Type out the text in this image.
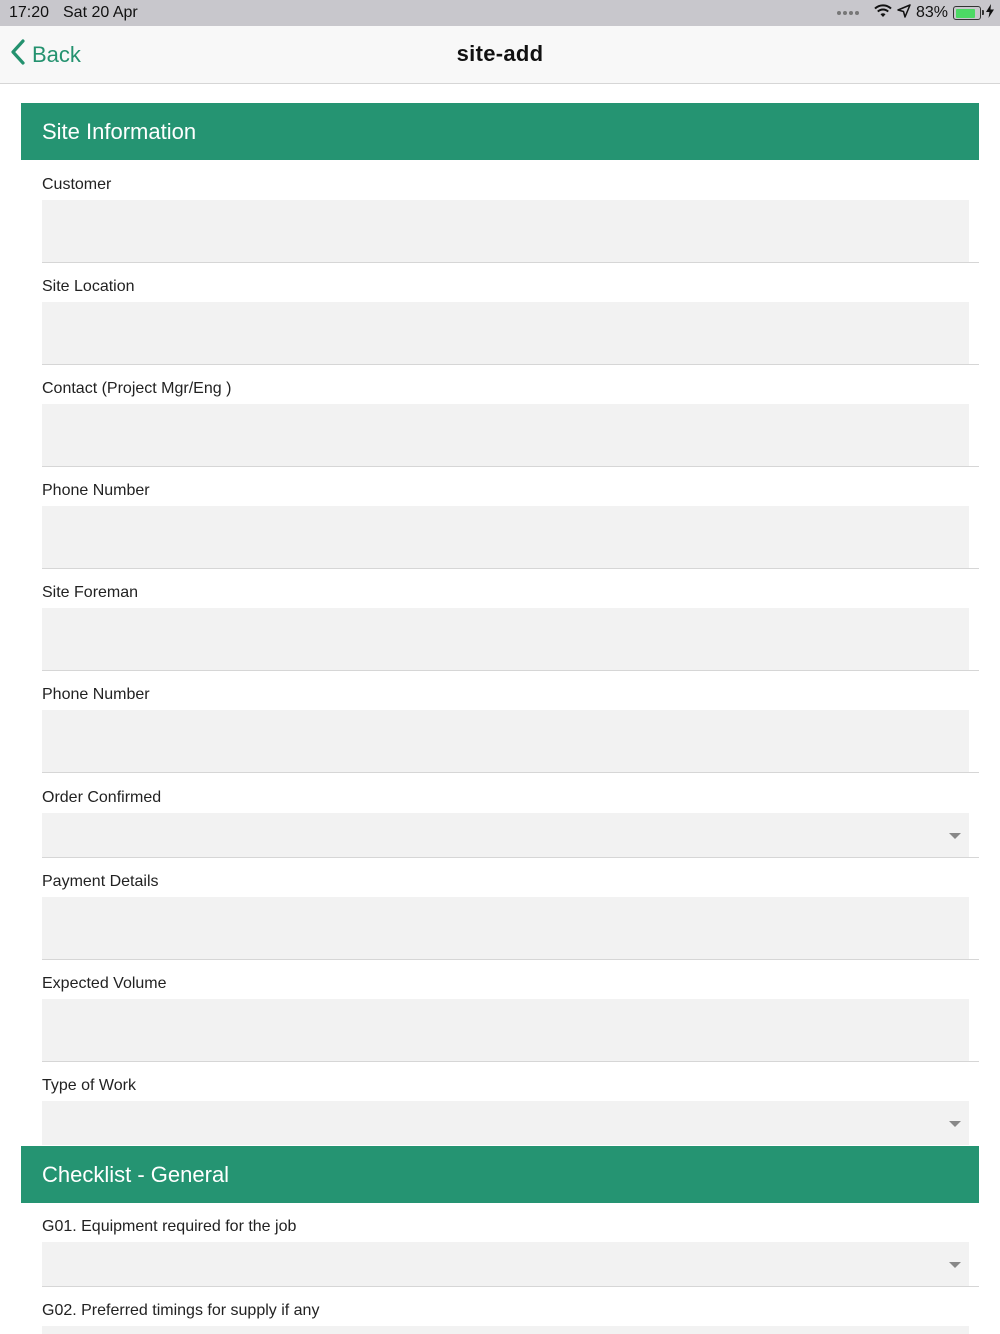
17:20 Sat 20 Apr	83%
Back	site-add
Site Information
Customer
Site Location
Contact (Project Mgr/Eng )
Phone Number
Site Foreman
Phone Number
Order Confirmed
Payment Details
Expected Volume
Type of Work
Checklist - General
G01. Equipment required for the job
G02. Preferred timings for supply if any
